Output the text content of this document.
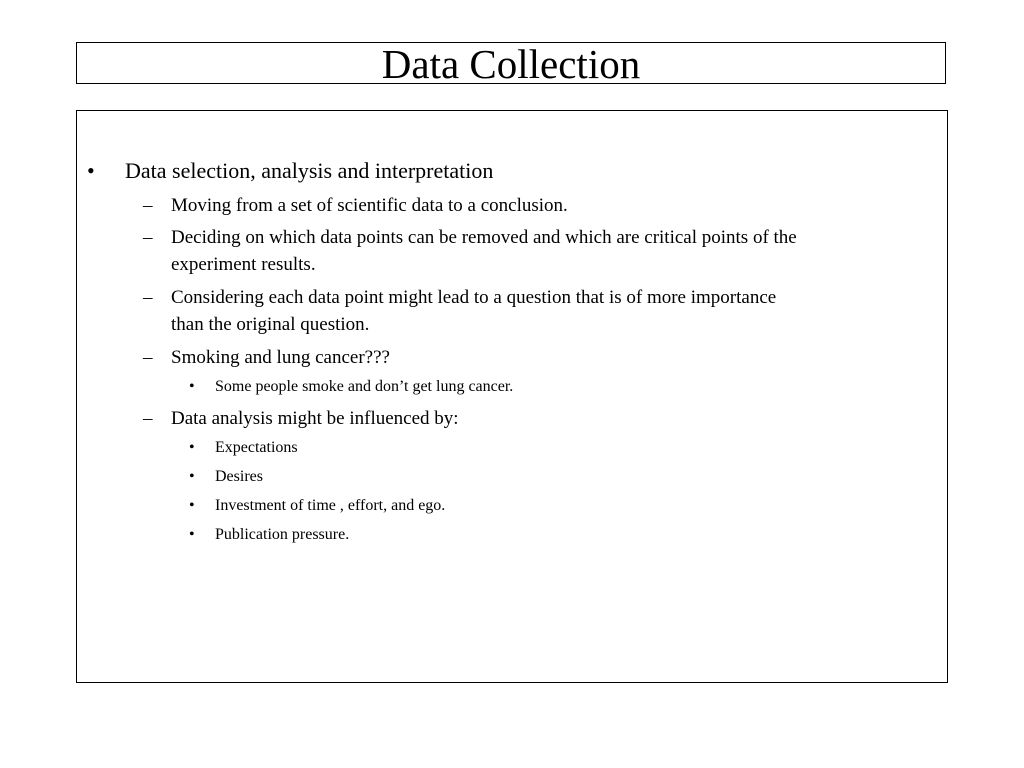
Data Collection
• Data selection, analysis and interpretation
– Moving from a set of scientific data to a conclusion.
– Deciding on which data points can be removed and which are critical points of the
experiment results.
– Considering each data point might lead to a question that is of more importance
than the original question.
– Smoking and lung cancer???
• Some people smoke and don’t get lung cancer.
– Data analysis might be influenced by:
• Expectations
• Desires
• Investment of time , effort, and ego.
• Publication pressure.
